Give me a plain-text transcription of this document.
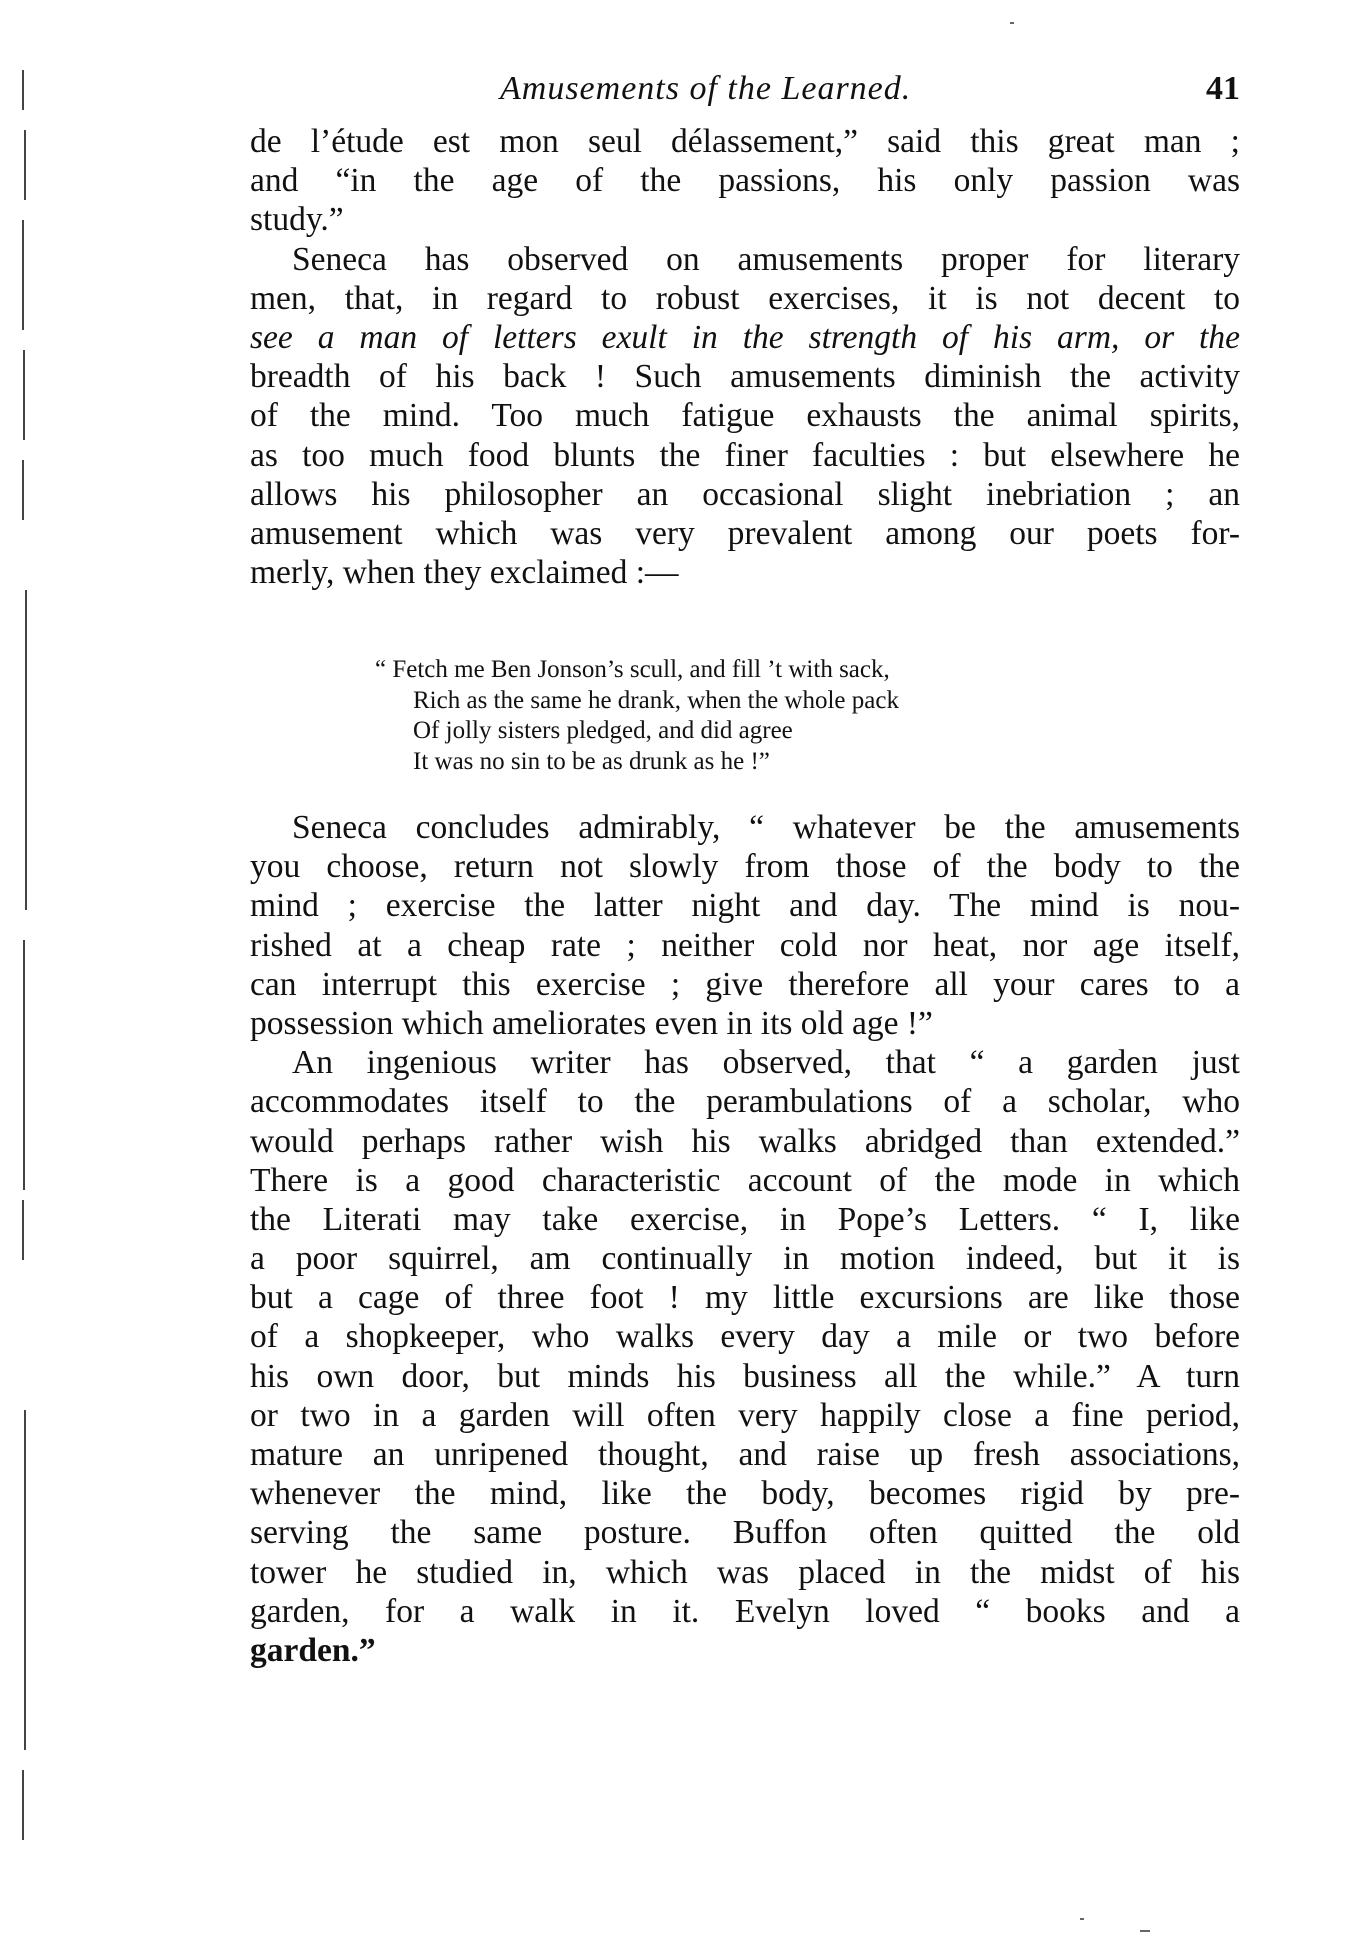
Amusements of the Learned.	41
de l’étude est mon seul délassement,” said this great man ;
and “in the age of the passions, his only passion was
study.”
Seneca has observed on amusements proper for literary
men, that, in regard to robust exercises, it is not decent to
see a man of letters exult in the strength of his arm, or the
breadth of his back ! Such amusements diminish the activity
of the mind. Too much fatigue exhausts the animal spirits,
as too much food blunts the finer faculties : but elsewhere he
allows his philosopher an occasional slight inebriation ; an
amusement which was very prevalent among our poets for-
merly, when they exclaimed :—
“ Fetch me Ben Jonson’s scull, and fill ’t with sack,
Rich as the same he drank, when the whole pack
Of jolly sisters pledged, and did agree
It was no sin to be as drunk as he !”
Seneca concludes admirably, “ whatever be the amusements
you choose, return not slowly from those of the body to the
mind ; exercise the latter night and day. The mind is nou-
rished at a cheap rate ; neither cold nor heat, nor age itself,
can interrupt this exercise ; give therefore all your cares to a
possession which ameliorates even in its old age !”
An ingenious writer has observed, that “ a garden just
accommodates itself to the perambulations of a scholar, who
would perhaps rather wish his walks abridged than extended.”
There is a good characteristic account of the mode in which
the Literati may take exercise, in Pope’s Letters. “ I, like
a poor squirrel, am continually in motion indeed, but it is
but a cage of three foot ! my little excursions are like those
of a shopkeeper, who walks every day a mile or two before
his own door, but minds his business all the while.” A turn
or two in a garden will often very happily close a fine period,
mature an unripened thought, and raise up fresh associations,
whenever the mind, like the body, becomes rigid by pre-
serving the same posture. Buffon often quitted the old
tower he studied in, which was placed in the midst of his
garden, for a walk in it. Evelyn loved “ books and a
garden.”
